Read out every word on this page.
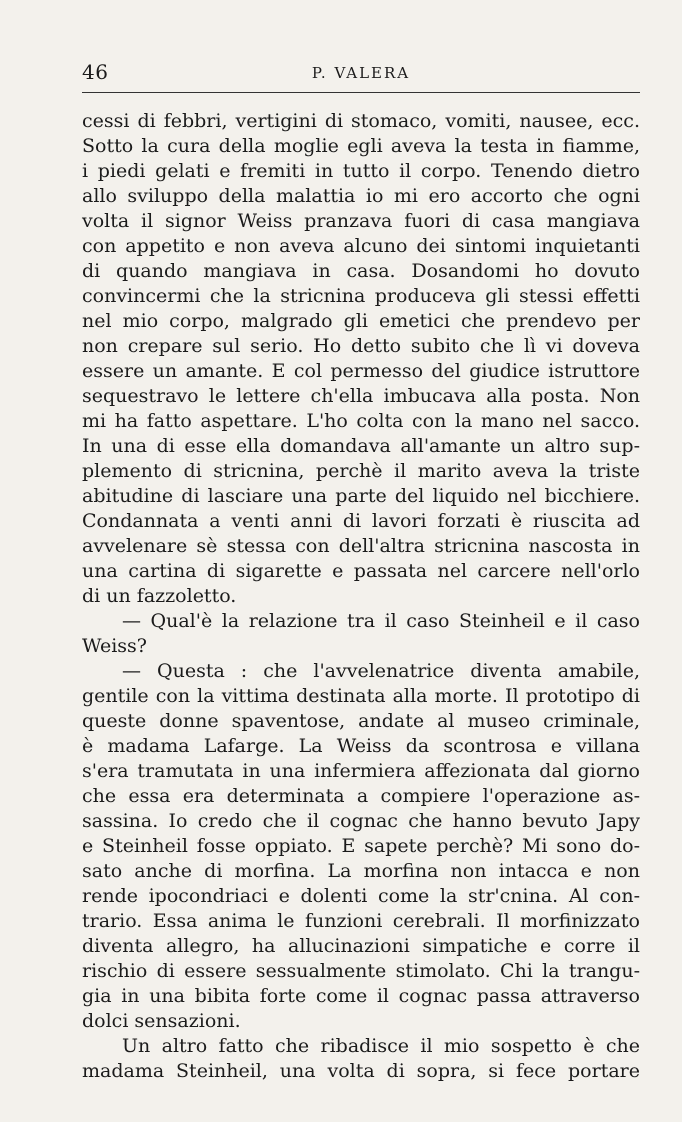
46	P. VALERA
cessi di febbri, vertigini di stomaco, vomiti, nausee, ecc.
Sotto la cura della moglie egli aveva la testa in fiamme,
i piedi gelati e fremiti in tutto il corpo. Tenendo dietro
allo sviluppo della malattia io mi ero accorto che ogni
volta il signor Weiss pranzava fuori di casa mangiava
con appetito e non aveva alcuno dei sintomi inquietanti
di quando mangiava in casa. Dosandomi ho dovuto
convincermi che la stricnina produceva gli stessi effetti
nel mio corpo, malgrado gli emetici che prendevo per
non crepare sul serio. Ho detto subito che lì vi doveva
essere un amante. E col permesso del giudice istruttore
sequestravo le lettere ch'ella imbucava alla posta. Non
mi ha fatto aspettare. L'ho colta con la mano nel sacco.
In una di esse ella domandava all'amante un altro sup-
plemento di stricnina, perchè il marito aveva la triste
abitudine di lasciare una parte del liquido nel bicchiere.
Condannata a venti anni di lavori forzati è riuscita ad
avvelenare sè stessa con dell'altra stricnina nascosta in
una cartina di sigarette e passata nel carcere nell'orlo
di un fazzoletto.
— Qual'è la relazione tra il caso Steinheil e il caso
Weiss?
— Questa : che l'avvelenatrice diventa amabile,
gentile con la vittima destinata alla morte. Il prototipo di
queste donne spaventose, andate al museo criminale,
è madama Lafarge. La Weiss da scontrosa e villana
s'era tramutata in una infermiera affezionata dal giorno
che essa era determinata a compiere l'operazione as-
sassina. Io credo che il cognac che hanno bevuto Japy
e Steinheil fosse oppiato. E sapete perchè? Mi sono do-
sato anche di morfina. La morfina non intacca e non
rende ipocondriaci e dolenti come la str'cnina. Al con-
trario. Essa anima le funzioni cerebrali. Il morfinizzato
diventa allegro, ha allucinazioni simpatiche e corre il
rischio di essere sessualmente stimolato. Chi la trangu-
gia in una bibita forte come il cognac passa attraverso
dolci sensazioni.
Un altro fatto che ribadisce il mio sospetto è che
madama Steinheil, una volta di sopra, si fece portare
